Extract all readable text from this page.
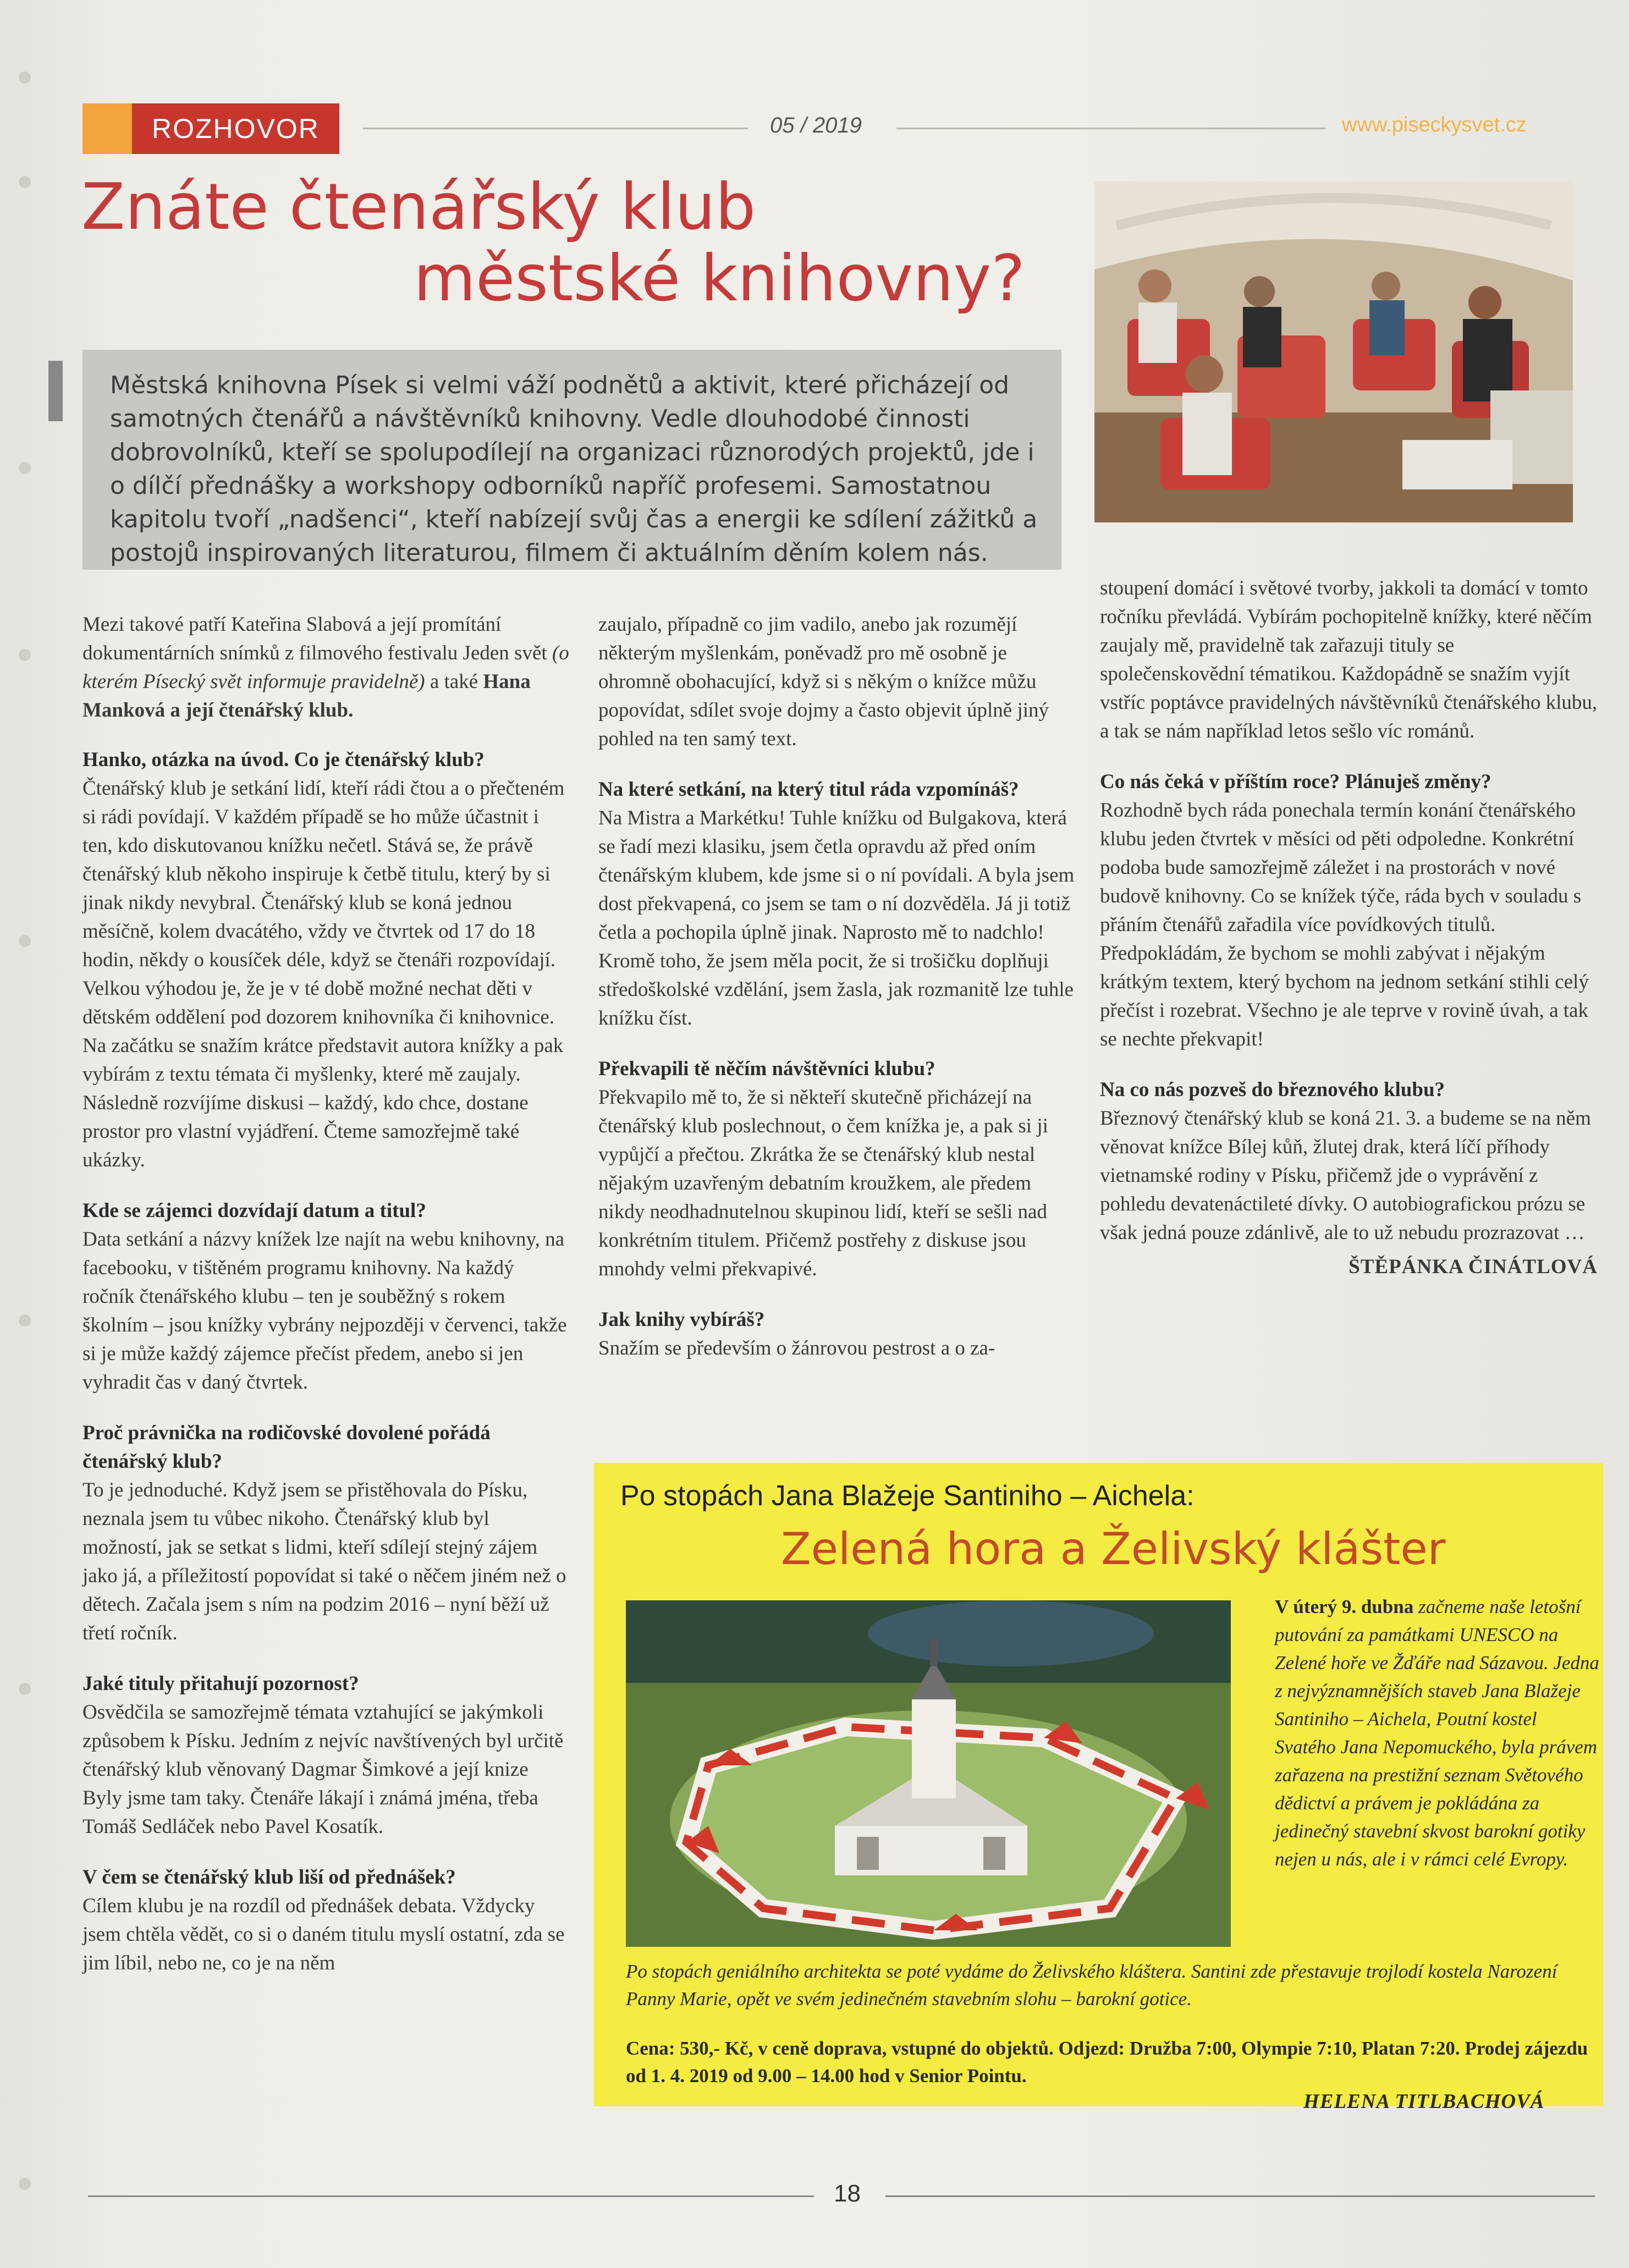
ROZHOVOR	05 / 2019	www.piseckysvet.cz
Znáte čtenářský klub
městské knihovny?
Městská knihovna Písek si velmi váží podnětů a aktivit, které přicházejí od samotných čtenářů a návštěvníků knihovny. Vedle dlouhodobé činnosti dobrovolníků, kteří se spolupodílejí na organizaci různorodých projektů, jde i o dílčí přednášky a workshopy odborníků napříč profesemi. Samostatnou kapitolu tvoří „nadšenci“, kteří nabízejí svůj čas a energii ke sdílení zážitků a postojů inspirovaných literaturou, filmem či aktuálním děním kolem nás.

Mezi takové patří Kateřina Slabová a její promítání dokumentárních snímků z filmového festivalu Jeden svět (o kterém Písecký svět informuje pravidelně) a také Hana Manková a její čtenářský klub.

Hanko, otázka na úvod. Co je čtenářský klub?

Čtenářský klub je setkání lidí, kteří rádi čtou a o přečteném si rádi povídají. V každém případě se ho může účastnit i ten, kdo diskutovanou knížku nečetl. Stává se, že právě čtenářský klub někoho inspiruje k četbě titulu, který by si jinak nikdy nevybral. Čtenářský klub se koná jednou měsíčně, kolem dvacátého, vždy ve čtvrtek od 17 do 18 hodin, někdy o kousíček déle, když se čtenáři rozpovídají. Velkou výhodou je, že je v té době možné nechat děti v dětském oddělení pod dozorem knihovníka či knihovnice. Na začátku se snažím krátce představit autora knížky a pak vybírám z textu témata či myšlenky, které mě zaujaly. Následně rozvíjíme diskusi – každý, kdo chce, dostane prostor pro vlastní vyjádření. Čteme samozřejmě také ukázky.

Kde se zájemci dozvídají datum a titul?

Data setkání a názvy knížek lze najít na webu knihovny, na facebooku, v tištěném programu knihovny. Na každý ročník čtenářského klubu – ten je souběžný s rokem školním – jsou knížky vybrány nejpozději v červenci, takže si je může každý zájemce přečíst předem, anebo si jen vyhradit čas v daný čtvrtek.

Proč právnička na rodičovské dovolené pořádá čtenářský klub?

To je jednoduché. Když jsem se přistěhovala do Písku, neznala jsem tu vůbec nikoho. Čtenářský klub byl možností, jak se setkat s lidmi, kteří sdílejí stejný zájem jako já, a příležitostí popovídat si také o něčem jiném než o dětech. Začala jsem s ním na podzim 2016 – nyní běží už třetí ročník.

Jaké tituly přitahují pozornost?

Osvědčila se samozřejmě témata vztahující se jakýmkoli způsobem k Písku. Jedním z nejvíc navštívených byl určitě čtenářský klub věnovaný Dagmar Šimkové a její knize Byly jsme tam taky. Čtenáře lákají i známá jména, třeba Tomáš Sedláček nebo Pavel Kosatík.

V čem se čtenářský klub liší od přednášek?

Cílem klubu je na rozdíl od přednášek debata. Vždycky jsem chtěla vědět, co si o daném titulu myslí ostatní, zda se jim líbil, nebo ne, co je na něm

zaujalo, případně co jim vadilo, anebo jak rozumějí některým myšlenkám, poněvadž pro mě osobně je ohromně obohacující, když si s někým o knížce můžu popovídat, sdílet svoje dojmy a často objevit úplně jiný pohled na ten samý text.

Na které setkání, na který titul ráda vzpomínáš?

Na Mistra a Markétku! Tuhle knížku od Bulgakova, která se řadí mezi klasiku, jsem četla opravdu až před oním čtenářským klubem, kde jsme si o ní povídali. A byla jsem dost překvapená, co jsem se tam o ní dozvěděla. Já ji totiž četla a pochopila úplně jinak. Naprosto mě to nadchlo! Kromě toho, že jsem měla pocit, že si trošičku doplňuji středoškolské vzdělání, jsem žasla, jak rozmanitě lze tuhle knížku číst.

Překvapili tě něčím návštěvníci klubu?

Překvapilo mě to, že si někteří skutečně přicházejí na čtenářský klub poslechnout, o čem knížka je, a pak si ji vypůjčí a přečtou. Zkrátka že se čtenářský klub nestal nějakým uzavřeným debatním kroužkem, ale předem nikdy neodhadnutelnou skupinou lidí, kteří se sešli nad konkrétním titulem. Přičemž postřehy z diskuse jsou mnohdy velmi překvapivé.

Jak knihy vybíráš?

Snažím se především o žánrovou pestrost a o za-

stoupení domácí i světové tvorby, jakkoli ta domácí v tomto ročníku převládá. Vybírám pochopitelně knížky, které něčím zaujaly mě, pravidelně tak zařazuji tituly se společenskovědní tématikou. Každopádně se snažím vyjít vstříc poptávce pravidelných návštěvníků čtenářského klubu, a tak se nám například letos sešlo víc románů.

Co nás čeká v příštím roce? Plánuješ změny?

Rozhodně bych ráda ponechala termín konání čtenářského klubu jeden čtvrtek v měsíci od pěti odpoledne. Konkrétní podoba bude samozřejmě záležet i na prostorách v nové budově knihovny. Co se knížek týče, ráda bych v souladu s přáním čtenářů zařadila více povídkových titulů. Předpokládám, že bychom se mohli zabývat i nějakým krátkým textem, který bychom na jednom setkání stihli celý přečíst i rozebrat. Všechno je ale teprve v rovině úvah, a tak se nechte překvapit!

Na co nás pozveš do březnového klubu?

Březnový čtenářský klub se koná 21. 3. a budeme se na něm věnovat knížce Bílej kůň, žlutej drak, která líčí příhody vietnamské rodiny v Písku, přičemž jde o vyprávění z pohledu devatenáctileté dívky. O autobiografickou prózu se však jedná pouze zdánlivě, ale to už nebudu prozrazovat …

ŠTĚPÁNKA ČINÁTLOVÁ

Po stopách Jana Blažeje Santiniho – Aichela:
Zelená hora a Želivský klášter
V úterý 9. dubna začneme naše letošní putování za památkami UNESCO na Zelené hoře ve Žďáře nad Sázavou. Jedna z nejvýznamnějších staveb Jana Blažeje Santiniho – Aichela, Poutní kostel Svatého Jana Nepomuckého, byla právem zařazena na prestižní seznam Světového dědictví a právem je pokládána za jedinečný stavební skvost barokní gotiky nejen u nás, ale i v rámci celé Evropy.
Po stopách geniálního architekta se poté vydáme do Želivského kláštera. Santini zde přestavuje trojlodí kostela Narození Panny Marie, opět ve svém jedinečném stavebním slohu – barokní gotice.
Cena: 530,- Kč, v ceně doprava, vstupné do objektů. Odjezd: Družba 7:00, Olympie 7:10, Platan 7:20. Prodej zájezdu od 1. 4. 2019 od 9.00 – 14.00 hod v Senior Pointu.
HELENA TITLBACHOVÁ
18
